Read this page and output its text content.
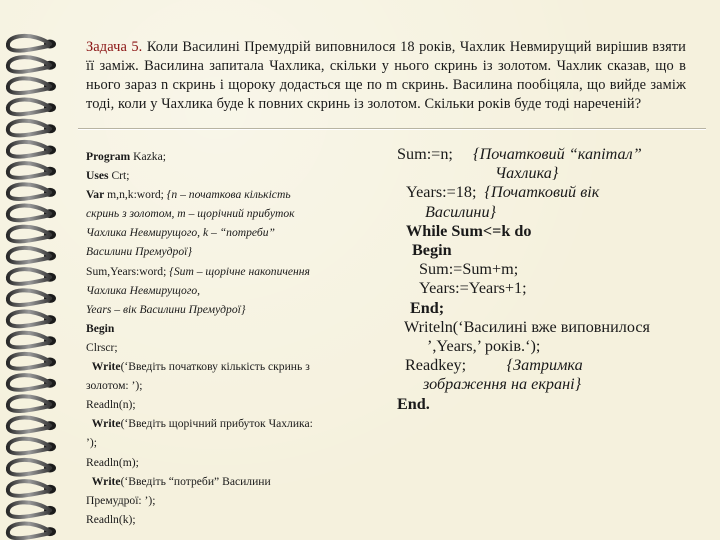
Задача 5. Коли Василині Премудрій виповнилося 18 років, Чахлик Невмирущий вирішив взяти її заміж. Василина запитала Чахлика, скільки у нього скринь із золотом. Чахлик сказав, що в нього зараз n скринь і щороку додасться ще по m скринь. Василина пообіцяла, що вийде заміж тоді, коли у Чахлика буде k повних скринь із золотом. Скільки років буде тоді нареченій?
Program Kazka;
Uses Crt;
Var m,n,k:word; {n – початкова кількість
скринь з золотом, m – щорічний прибуток
Чахлика Невмирущого, k – “потреби”
Василини Премудрої}
Sum,Years:word; {Sum – щорічне накопичення
Чахлика Невмирущого,
Years – вік Василини Премудрої}
Begin
Clrscr;
Write(‘Введіть початкову кількість скринь з
золотом: ’);
Readln(n);
Write(‘Введіть щорічний прибуток Чахлика:
’);
Readln(m);
Write(‘Введіть “потреби” Василини
Премудрої: ’);
Readln(k);
Sum:=n; {Початковий “капітал”
Чахлика}
Years:=18; {Початковий вік
Василини}
While Sum<=k do
Begin
Sum:=Sum+m;
Years:=Years+1;
End;
Writeln(‘Василині вже виповнилося
’,Years,’ років.‘);
Readkey; {Затримка
зображення на екрані}
End.
